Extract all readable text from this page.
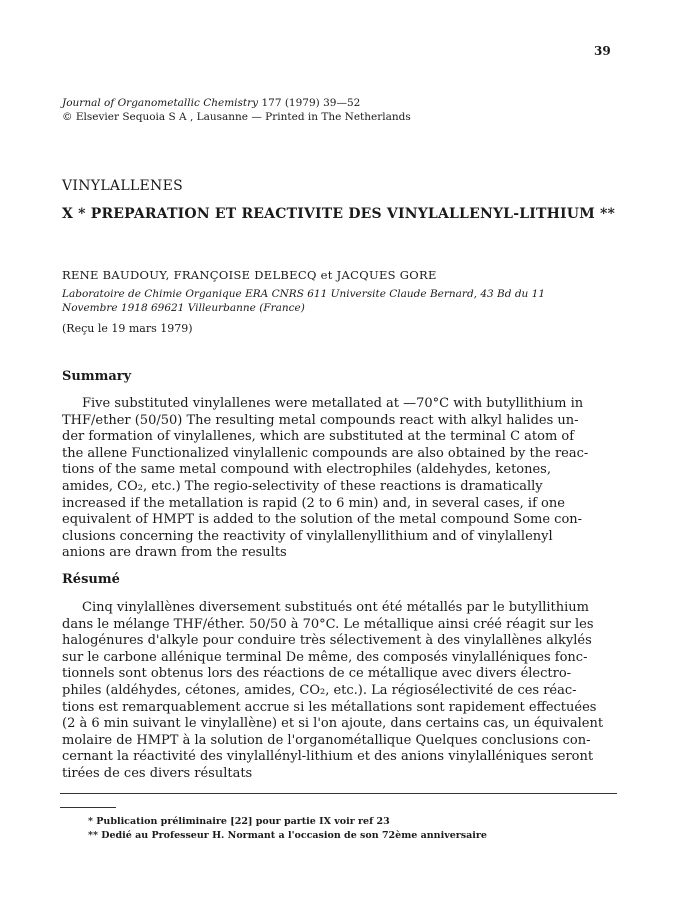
39
Journal of Organometallic Chemistry 177 (1979) 39—52
© Elsevier Sequoia S A , Lausanne — Printed in The Netherlands
VINYLALLENES
X * PREPARATION ET REACTIVITE DES VINYLALLENYL-LITHIUM **
RENE BAUDOUY, FRANÇOISE DELBECQ et JACQUES GORE
Laboratoire de Chimie Organique ERA CNRS 611 Universite Claude Bernard, 43 Bd du 11
Novembre 1918 69621 Villeurbanne (France)
(Reçu le 19 mars 1979)
Summary
Five substituted vinylallenes were metallated at —70°C with butyllithium in
THF/ether (50/50) The resulting metal compounds react with alkyl halides un-
der formation of vinylallenes, which are substituted at the terminal C atom of
the allene Functionalized vinylallenic compounds are also obtained by the reac-
tions of the same metal compound with electrophiles (aldehydes, ketones,
amides, CO₂, etc.) The regio-selectivity of these reactions is dramatically
increased if the metallation is rapid (2 to 6 min) and, in several cases, if one
equivalent of HMPT is added to the solution of the metal compound Some con-
clusions concerning the reactivity of vinylallenyllithium and of vinylallenyl
anions are drawn from the results
Résumé
Cinq vinylallènes diversement substitués ont été métallés par le butyllithium
dans le mélange THF/éther. 50/50 à 70°C. Le métallique ainsi créé réagit sur les
halogénures d'alkyle pour conduire très sélectivement à des vinylallènes alkylés
sur le carbone allénique terminal De même, des composés vinylalléniques fonc-
tionnels sont obtenus lors des réactions de ce métallique avec divers électro-
philes (aldéhydes, cétones, amides, CO₂, etc.). La régiosélectivité de ces réac-
tions est remarquablement accrue si les métallations sont rapidement effectuées
(2 à 6 min suivant le vinylallène) et si l'on ajoute, dans certains cas, un équivalent
molaire de HMPT à la solution de l'organométallique Quelques conclusions con-
cernant la réactivité des vinylallényl-lithium et des anions vinylalléniques seront
tirées de ces divers résultats
* Publication préliminaire [22] pour partie IX voir ref 23
** Dedié au Professeur H. Normant a l'occasion de son 72ème anniversaire
